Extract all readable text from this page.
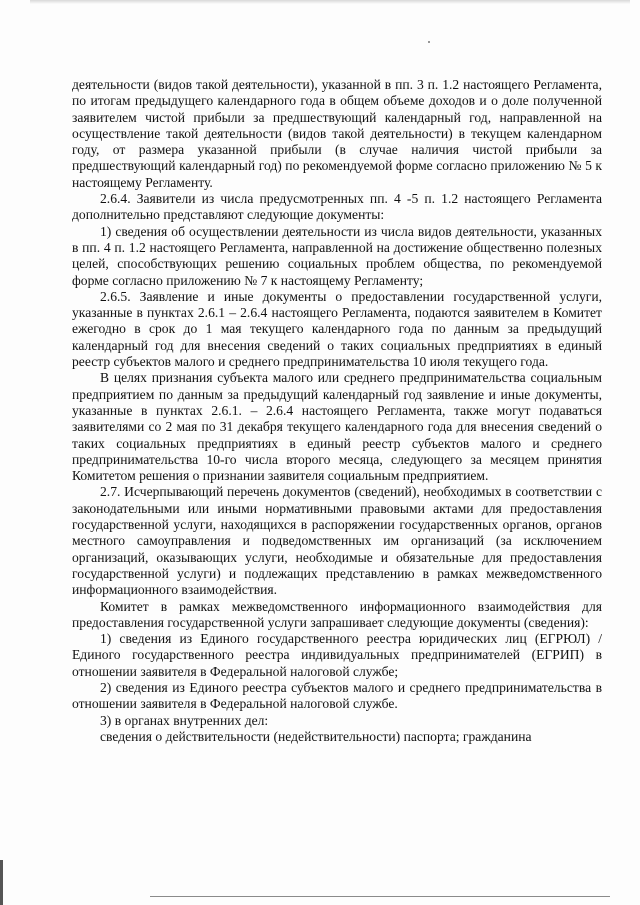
деятельности (видов такой деятельности), указанной в пп. 3 п. 1.2 настоящего Регламента, по итогам предыдущего календарного года в общем объеме доходов и о доле полученной заявителем чистой прибыли за предшествующий календарный год, направленной на осуществление такой деятельности (видов такой деятельности) в текущем календарном году, от размера указанной прибыли (в случае наличия чистой прибыли за предшествующий календарный год) по рекомендуемой форме согласно приложению № 5 к настоящему Регламенту.

2.6.4. Заявители из числа предусмотренных пп. 4 -5 п. 1.2 настоящего Регламента дополнительно представляют следующие документы:

1) сведения об осуществлении деятельности из числа видов деятельности, указанных в пп. 4 п. 1.2 настоящего Регламента, направленной на достижение общественно полезных целей, способствующих решению социальных проблем общества, по рекомендуемой форме согласно приложению № 7 к настоящему Регламенту;

2.6.5. Заявление и иные документы о предоставлении государственной услуги, указанные в пунктах 2.6.1 – 2.6.4 настоящего Регламента, подаются заявителем в Комитет ежегодно в срок до 1 мая текущего календарного года по данным за предыдущий календарный год для внесения сведений о таких социальных предприятиях в единый реестр субъектов малого и среднего предпринимательства 10 июля текущего года.

В целях признания субъекта малого или среднего предпринимательства социальным предприятием по данным за предыдущий календарный год заявление и иные документы, указанные в пунктах 2.6.1. – 2.6.4 настоящего Регламента, также могут подаваться заявителями со 2 мая по 31 декабря текущего календарного года для внесения сведений о таких социальных предприятиях в единый реестр субъектов малого и среднего предпринимательства 10-го числа второго месяца, следующего за месяцем принятия Комитетом решения о признании заявителя социальным предприятием.

2.7. Исчерпывающий перечень документов (сведений), необходимых в соответствии с законодательными или иными нормативными правовыми актами для предоставления государственной услуги, находящихся в распоряжении государственных органов, органов местного самоуправления и подведомственных им организаций (за исключением организаций, оказывающих услуги, необходимые и обязательные для предоставления государственной услуги) и подлежащих представлению в рамках межведомственного информационного взаимодействия.

Комитет в рамках межведомственного информационного взаимодействия для предоставления государственной услуги запрашивает следующие документы (сведения):

1) сведения из Единого государственного реестра юридических лиц (ЕГРЮЛ) / Единого государственного реестра индивидуальных предпринимателей (ЕГРИП) в отношении заявителя в Федеральной налоговой службе;

2) сведения из Единого реестра субъектов малого и среднего предпринимательства в отношении заявителя в Федеральной налоговой службе.

3) в органах внутренних дел:

сведения о действительности (недействительности) паспорта; гражданина
